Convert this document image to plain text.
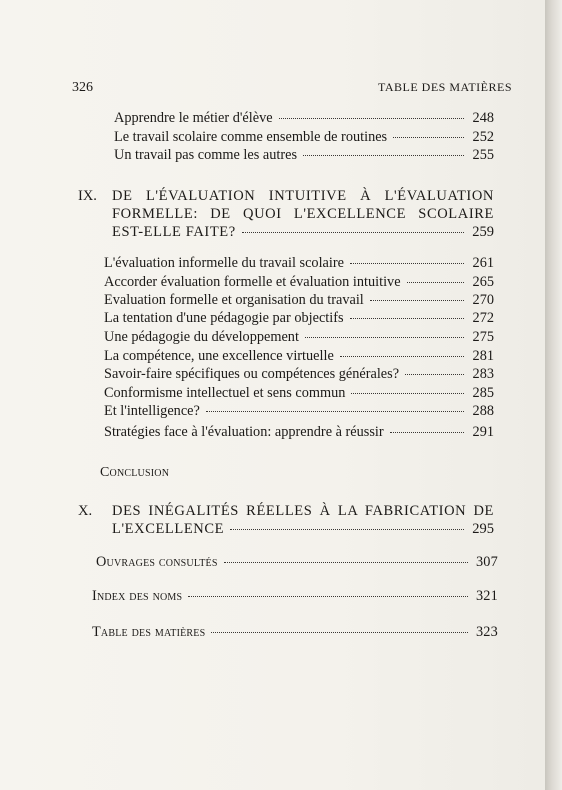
326	TABLE DES MATIÈRES
Apprendre le métier d'élève	248
Le travail scolaire comme ensemble de routines	252
Un travail pas comme les autres	255
IX. DE L'ÉVALUATION INTUITIVE À L'ÉVALUATION
FORMELLE: DE QUOI L'EXCELLENCE SCOLAIRE
EST-ELLE FAITE?	259
L'évaluation informelle du travail scolaire	261
Accorder évaluation formelle et évaluation intuitive	265
Evaluation formelle et organisation du travail	270
La tentation d'une pédagogie par objectifs	272
Une pédagogie du développement	275
La compétence, une excellence virtuelle	281
Savoir-faire spécifiques ou compétences générales?	283
Conformisme intellectuel et sens commun	285
Et l'intelligence?	288
Stratégies face à l'évaluation: apprendre à réussir	291
Conclusion
X. DES INÉGALITÉS RÉELLES À LA FABRICATION DE
L'EXCELLENCE	295
Ouvrages consultés	307
Index des noms	321
Table des matières	323
